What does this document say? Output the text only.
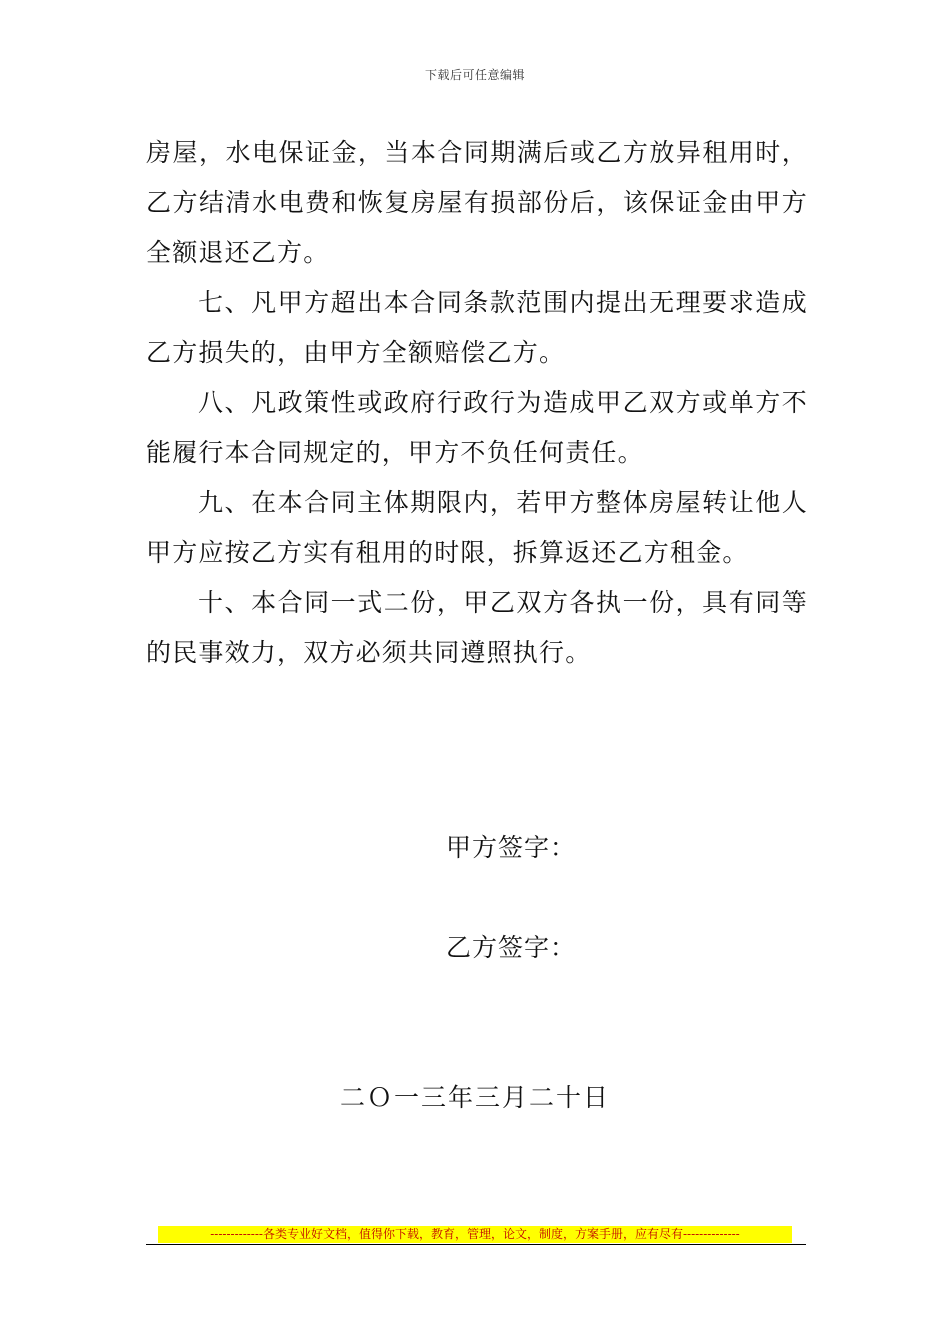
下载后可任意编辑

房屋，水电保证金，当本合同期满后或乙方放异租用时，乙方结清水电费和恢复房屋有损部份后，该保证金由甲方全额退还乙方。

七、凡甲方超出本合同条款范围内提出无理要求造成乙方损失的，由甲方全额赔偿乙方。

八、凡政策性或政府行政行为造成甲乙双方或单方不能履行本合同规定的，甲方不负任何责任。

九、在本合同主体期限内，若甲方整体房屋转让他人甲方应按乙方实有租用的时限，拆算返还乙方租金。

十、本合同一式二份，甲乙双方各执一份，具有同等的民事效力，双方必须共同遵照执行。

甲方签字：
乙方签字：
二Ｏ一三年三月二十日
-------------各类专业好文档，值得你下载，教育，管理，论文，制度，方案手册，应有尽有--------------
